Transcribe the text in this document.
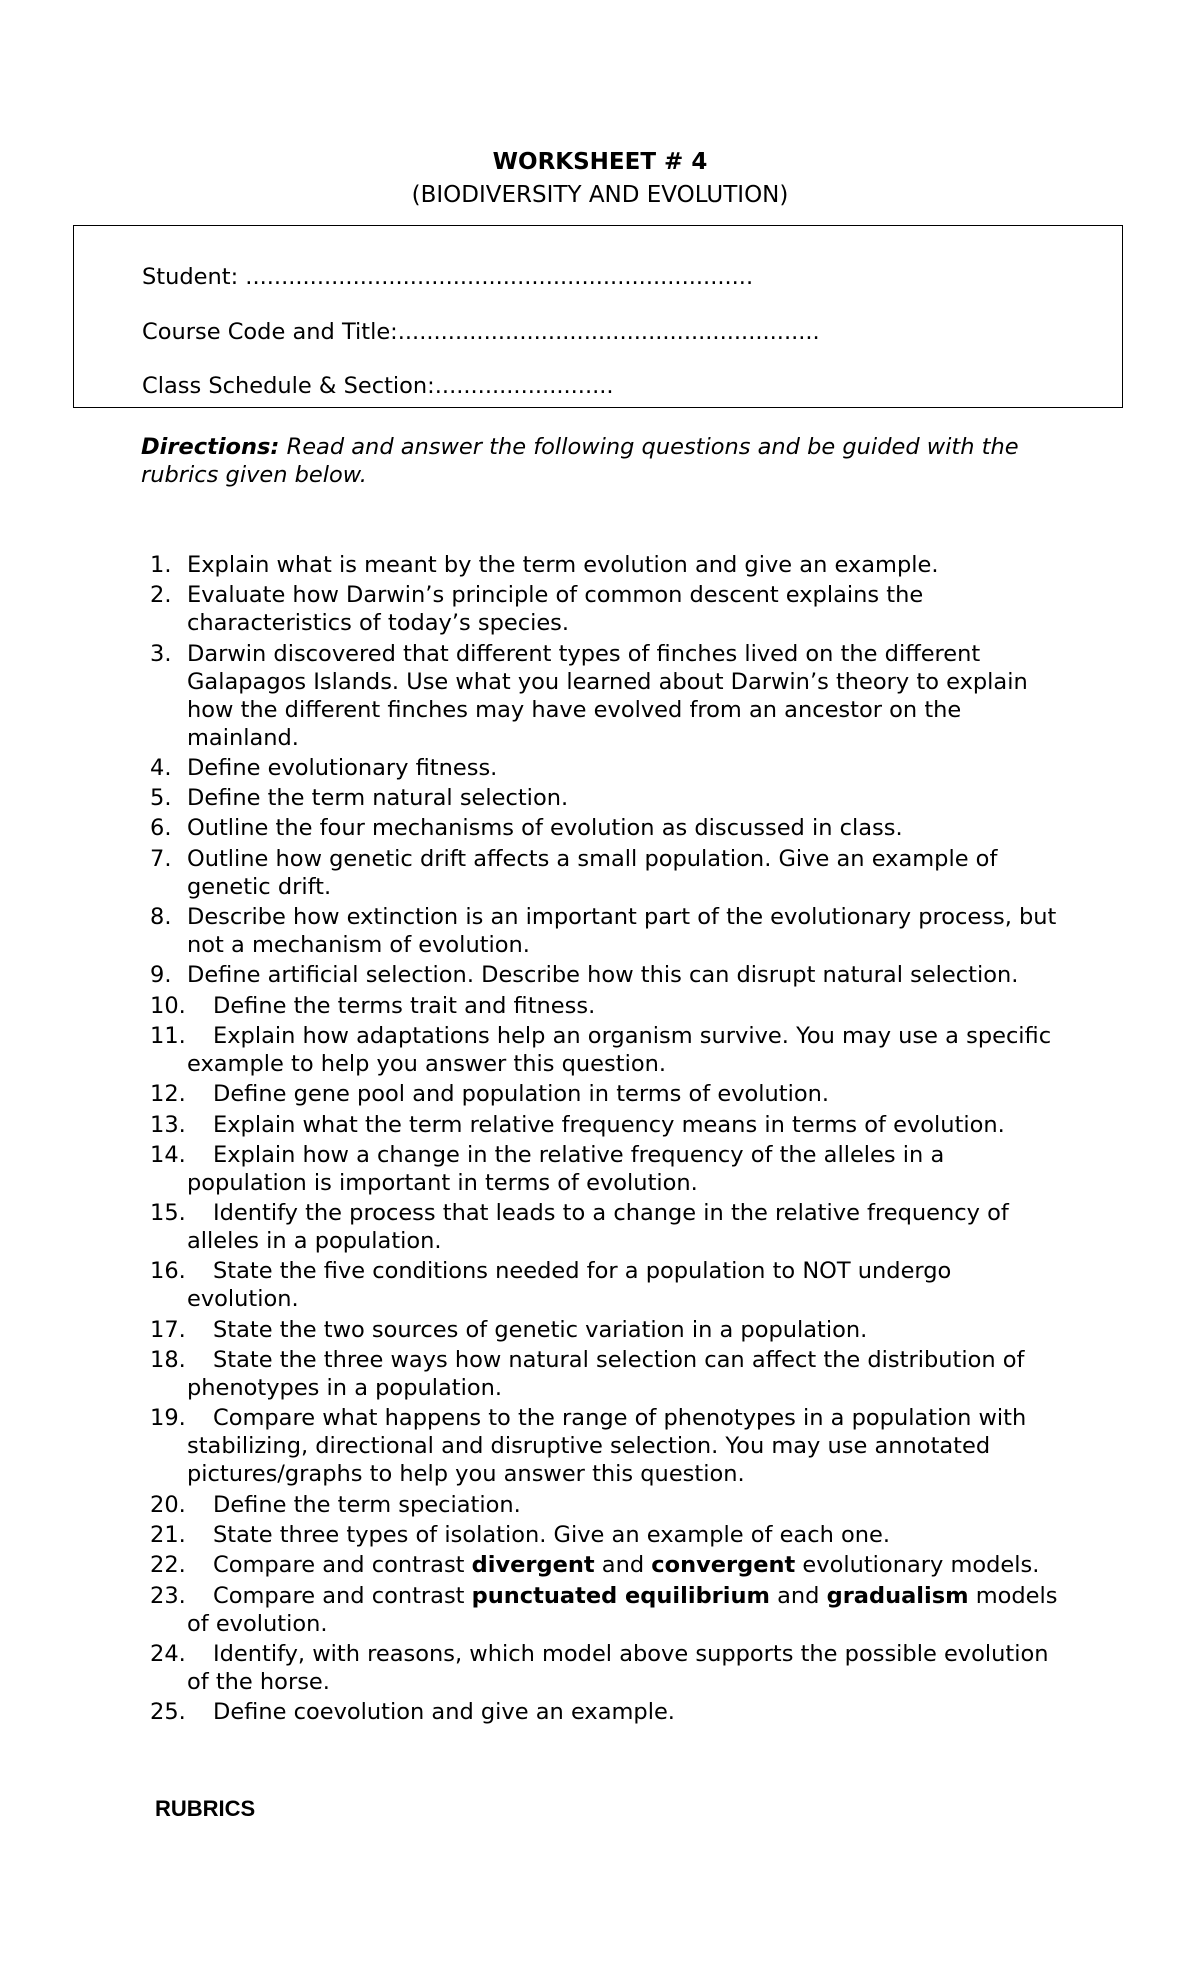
WORKSHEET # 4
(BIODIVERSITY AND EVOLUTION)
Student: .......................................................................
Course Code and Title:...........................................................
Class Schedule & Section:.........................
Directions: Read and answer the following questions and be guided with the rubrics given below.
1. Explain what is meant by the term evolution and give an example.
2. Evaluate how Darwin’s principle of common descent explains the characteristics of today’s species.
3. Darwin discovered that different types of finches lived on the different Galapagos Islands. Use what you learned about Darwin’s theory to explain how the different finches may have evolved from an ancestor on the mainland.
4. Define evolutionary fitness.
5. Define the term natural selection.
6. Outline the four mechanisms of evolution as discussed in class.
7. Outline how genetic drift affects a small population. Give an example of genetic drift.
8. Describe how extinction is an important part of the evolutionary process, but not a mechanism of evolution.
9. Define artificial selection. Describe how this can disrupt natural selection.
10. Define the terms trait and fitness.
11. Explain how adaptations help an organism survive. You may use a specific example to help you answer this question.
12. Define gene pool and population in terms of evolution.
13. Explain what the term relative frequency means in terms of evolution.
14. Explain how a change in the relative frequency of the alleles in a population is important in terms of evolution.
15. Identify the process that leads to a change in the relative frequency of alleles in a population.
16. State the five conditions needed for a population to NOT undergo evolution.
17. State the two sources of genetic variation in a population.
18. State the three ways how natural selection can affect the distribution of phenotypes in a population.
19. Compare what happens to the range of phenotypes in a population with stabilizing, directional and disruptive selection. You may use annotated pictures/graphs to help you answer this question.
20. Define the term speciation.
21. State three types of isolation. Give an example of each one.
22. Compare and contrast divergent and convergent evolutionary models.
23. Compare and contrast punctuated equilibrium and gradualism models of evolution.
24. Identify, with reasons, which model above supports the possible evolution of the horse.
25. Define coevolution and give an example.
RUBRICS
